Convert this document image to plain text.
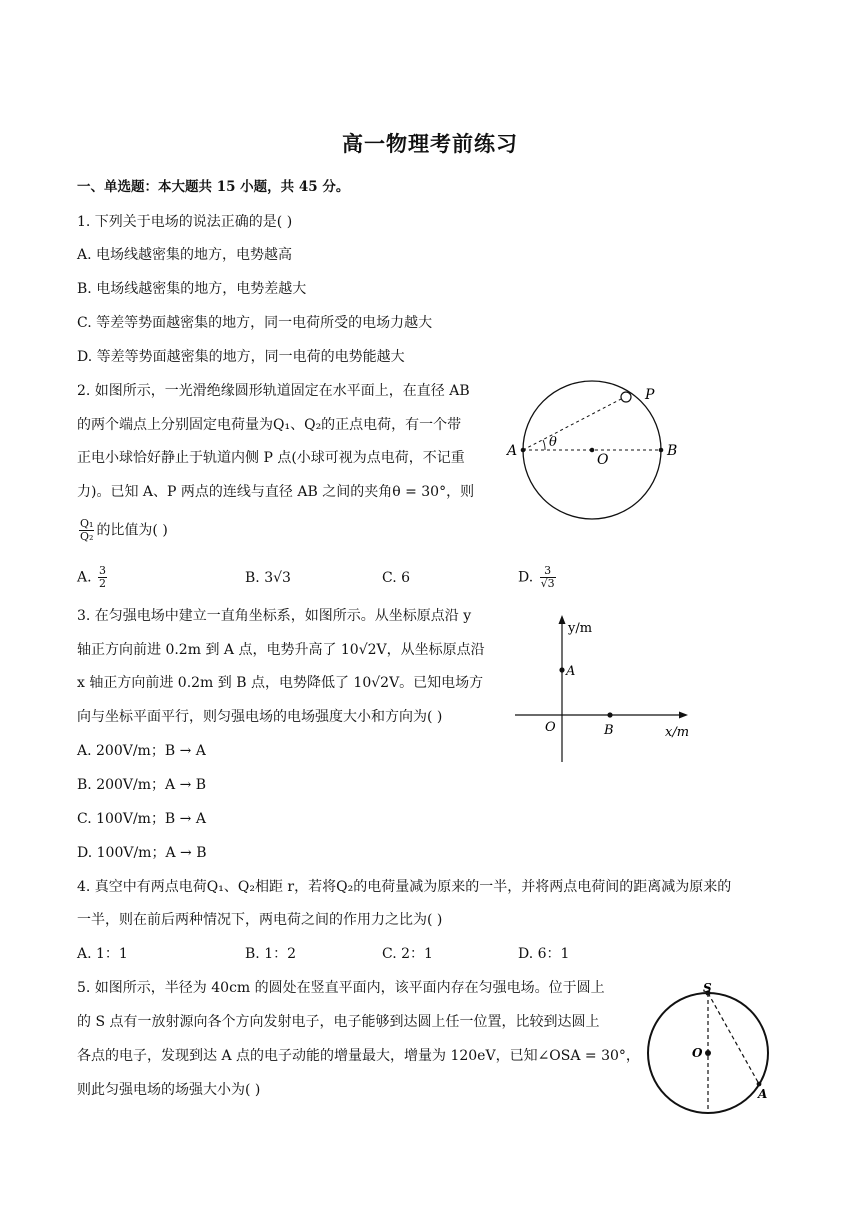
高一物理考前练习
一、单选题：本大题共 15 小题，共 45 分。
1. 下列关于电场的说法正确的是( )
A. 电场线越密集的地方，电势越高
B. 电场线越密集的地方，电势差越大
C. 等差等势面越密集的地方，同一电荷所受的电场力越大
D. 等差等势面越密集的地方，同一电荷的电势能越大
2. 如图所示，一光滑绝缘圆形轨道固定在水平面上，在直径 AB
的两个端点上分别固定电荷量为Q₁、Q₂的正点电荷，有一个带
正电小球恰好静止于轨道内侧 P 点(小球可视为点电荷，不记重
力)。已知 A、P 两点的连线与直径 AB 之间的夹角θ = 30°，则
$\frac{\text{Q₁}}{\text{Q₂}}$ 的比值为( )
A. $\frac{3}{2}$	B. 3√3	C. 6	D. $\frac{3}{√3}$
A	B
P
O
θ
3. 在匀强电场中建立一直角坐标系，如图所示。从坐标原点沿 y
轴正方向前进 0.2m 到 A 点，电势升高了 10√2V，从坐标原点沿
x 轴正方向前进 0.2m 到 B 点，电势降低了 10√2V。已知电场方
向与坐标平面平行，则匀强电场的电场强度大小和方向为( )
A. 200V/m；B → A
B. 200V/m；A → B
C. 100V/m；B → A
D. 100V/m；A → B
y/m
x/m
A
B
O
4. 真空中有两点电荷Q₁、Q₂相距 r，若将Q₂的电荷量减为原来的一半，并将两点电荷间的距离减为原来的
一半，则在前后两种情况下，两电荷之间的作用力之比为( )
A. 1：1	B. 1：2	C. 2：1	D. 6：1
5. 如图所示，半径为 40cm 的圆处在竖直平面内，该平面内存在匀强电场。位于圆上
的 S 点有一放射源向各个方向发射电子，电子能够到达圆上任一位置，比较到达圆上
各点的电子，发现到达 A 点的电子动能的增量最大，增量为 120eV，已知∠OSA = 30°，
则此匀强电场的场强大小为( )
S
O
A
